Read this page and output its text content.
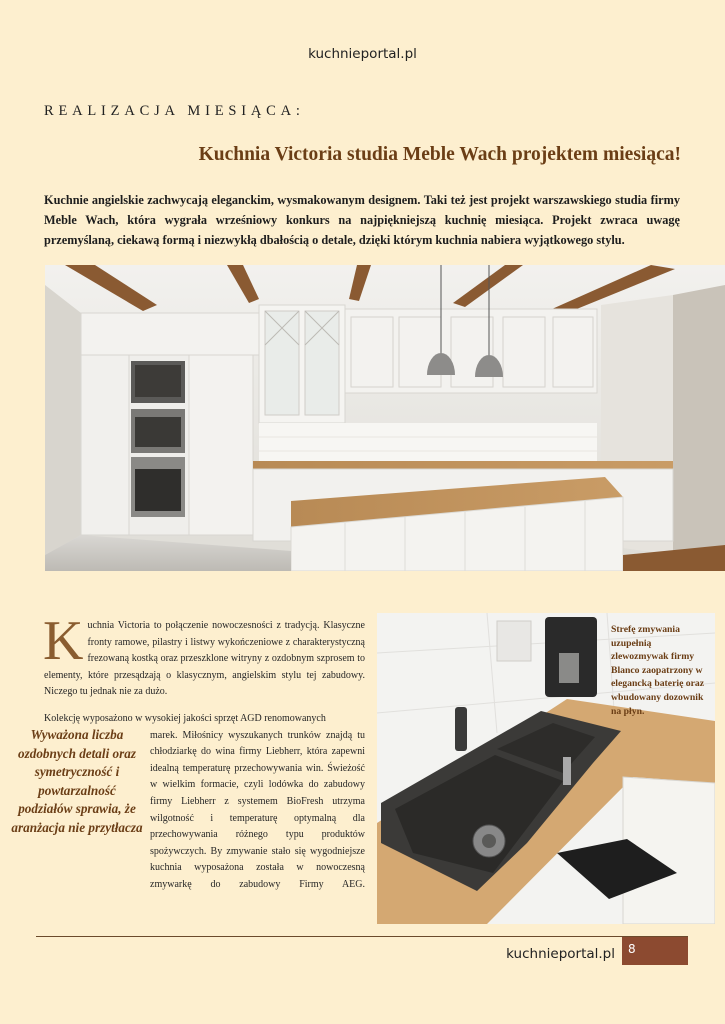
kuchnieportal.pl
REALIZACJA MIESIĄCA:
Kuchnia Victoria studia Meble Wach projektem miesiąca!

Kuchnie angielskie zachwycają eleganckim, wysmakowanym designem. Taki też jest projekt warszawskiego studia firmy Meble Wach, która wygrała wrześniowy konkurs na najpiękniejszą kuchnię miesiąca. Projekt zwraca uwagę przemyślaną, ciekawą formą i niezwykłą dbałością o detale, dzięki którym kuchnia nabiera wyjątkowego stylu.

Kuchnia Victoria to połączenie nowoczesności z tradycją. Klasyczne fronty ramowe, pilastry i listwy wykończeniowe z charakterystyczną frezowaną kostką oraz przeszklone witryny z ozdobnym szprosem to elementy, które przesądzają o klasycznym, angielskim stylu tej zabudowy. Niczego tu jednak nie za dużo.

Kolekcję wyposażono w wysokiej jakości sprzęt AGD renomowanych

marek. Miłośnicy wyszukanych trunków znajdą tu chłodziarkę do wina firmy Liebherr, która zapewni idealną temperaturę przechowywania win. Świeżość w wielkim formacie, czyli lodówka do zabudowy firmy Liebherr z systemem BioFresh utrzyma wilgotność i temperaturę optymalną dla przechowywania różnego typu produktów spożywczych. By zmywanie stało się wygodniejsze kuchnia wyposażona została w nowoczesną zmywarkę do zabudowy Firmy AEG.

Wyważona liczba ozdobnych detali oraz symetryczność i powtarzalność podziałów sprawia, że aranżacja nie przytłacza
Strefę zmywania uzupełnią zlewozmywak firmy Blanco zaopatrzony w elegancką baterię oraz wbudowany dozownik na płyn.
kuchnieportal.pl	8
